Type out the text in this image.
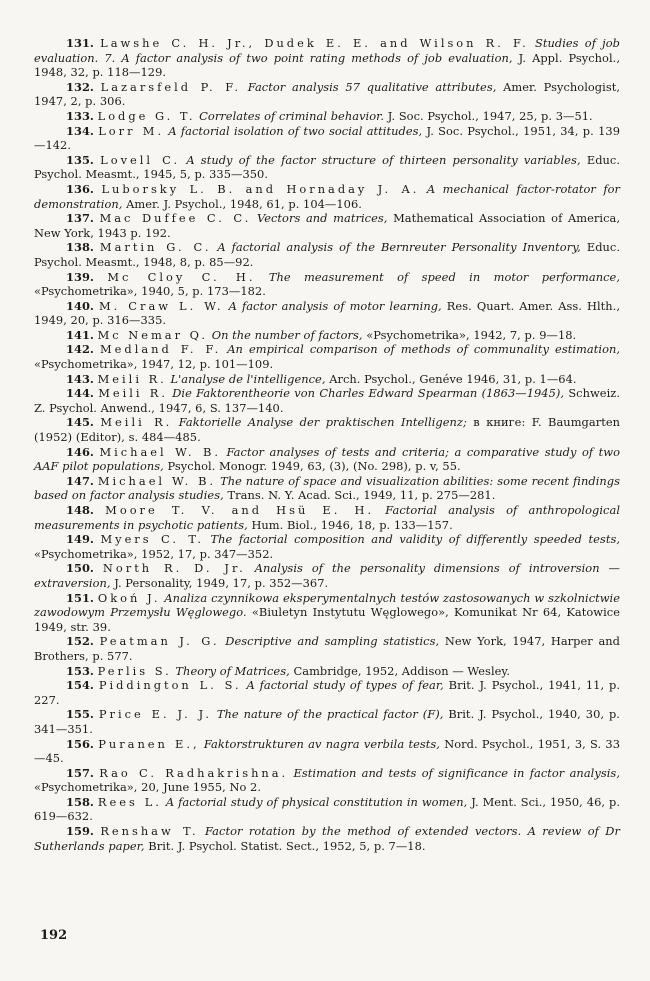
131. Lawshe C. H. Jr., Dudek E. E. and Wilson R. F. Studies of job evaluation. 7. A factor analysis of two point rating methods of job evaluation, J. Appl. Psychol., 1948, 32, p. 118—129.
132. Lazarsfeld P. F. Factor analysis 57 qualitative attributes, Amer. Psychologist, 1947, 2, p. 306.
133. Lodge G. T. Correlates of criminal behavior. J. Soc. Psychol., 1947, 25, p. 3—51.
134. Lorr M. A factorial isolation of two social attitudes, J. Soc. Psychol., 1951, 34, p. 139—142.
135. Lovell C. A study of the factor structure of thirteen personality variables, Educ. Psychol. Measmt., 1945, 5, p. 335—350.
136. Luborsky L. B. and Hornaday J. A. A mechanical factor-rotator for demonstration, Amer. J. Psychol., 1948, 61, p. 104—106.
137. Mac Duffee C. C. Vectors and matrices, Mathematical Association of America, New York, 1943 p. 192.
138. Martin G. C. A factorial analysis of the Bernreuter Personality Inventory, Educ. Psychol. Measmt., 1948, 8, p. 85—92.
139. Mc Cloy C. H. The measurement of speed in motor performance, «Psychometrika», 1940, 5, p. 173—182.
140. M. Craw L. W. A factor analysis of motor learning, Res. Quart. Amer. Ass. Hlth., 1949, 20, p. 316—335.
141. Mc Nemar Q. On the number of factors, «Psychometrika», 1942, 7, p. 9—18.
142. Medland F. F. An empirical comparison of methods of communality estimation, «Psychometrika», 1947, 12, p. 101—109.
143. Meili R. L'analyse de l'intelligence, Arch. Psychol., Genéve 1946, 31, p. 1—64.
144. Meili R. Die Faktorentheorie von Charles Edward Spearman (1863—1945), Schweiz. Z. Psychol. Anwend., 1947, 6, S. 137—140.
145. Meili R. Faktorielle Analyse der praktischen Intelligenz; в книге: F. Baumgarten (1952) (Editor), s. 484—485.
146. Michael W. B. Factor analyses of tests and criteria; a comparative study of two AAF pilot populations, Psychol. Monogr. 1949, 63, (3), (No. 298), p. v, 55.
147. Michael W. B. The nature of space and visualization abilities: some recent findings based on factor analysis studies, Trans. N. Y. Acad. Sci., 1949, 11, p. 275—281.
148. Moore T. V. and Hsü E. H. Factorial analysis of anthropological measurements in psychotic patients, Hum. Biol., 1946, 18, p. 133—157.
149. Myers C. T. The factorial composition and validity of differently speeded tests, «Psychometrika», 1952, 17, p. 347—352.
150. North R. D. Jr. Analysis of the personality dimensions of introversion — extraversion, J. Personality, 1949, 17, p. 352—367.
151. Okoń J. Analiza czynnikowa eksperymentalnych testów zastosowanych w szkolnictwie zawodowym Przemysłu Węglowego. «Biuletyn Instytutu Węglowego», Komunikat Nr 64, Katowice 1949, str. 39.
152. Peatman J. G. Descriptive and sampling statistics, New York, 1947, Harper and Brothers, p. 577.
153. Perlis S. Theory of Matrices, Cambridge, 1952, Addison — Wesley.
154. Piddington L. S. A factorial study of types of fear, Brit. J. Psychol., 1941, 11, p. 227.
155. Price E. J. J. The nature of the practical factor (F), Brit. J. Psychol., 1940, 30, p. 341—351.
156. Puranen E., Faktorstrukturen av nagra verbila tests, Nord. Psychol., 1951, 3, S. 33—45.
157. Rao C. Radhakrishna. Estimation and tests of significance in factor analysis, «Psychometrika», 20, June 1955, No 2.
158. Rees L. A factorial study of physical constitution in women, J. Ment. Sci., 1950, 46, p. 619—632.
159. Renshaw T. Factor rotation by the method of extended vectors. A review of Dr Sutherlands paper, Brit. J. Psychol. Statist. Sect., 1952, 5, p. 7—18.
192
